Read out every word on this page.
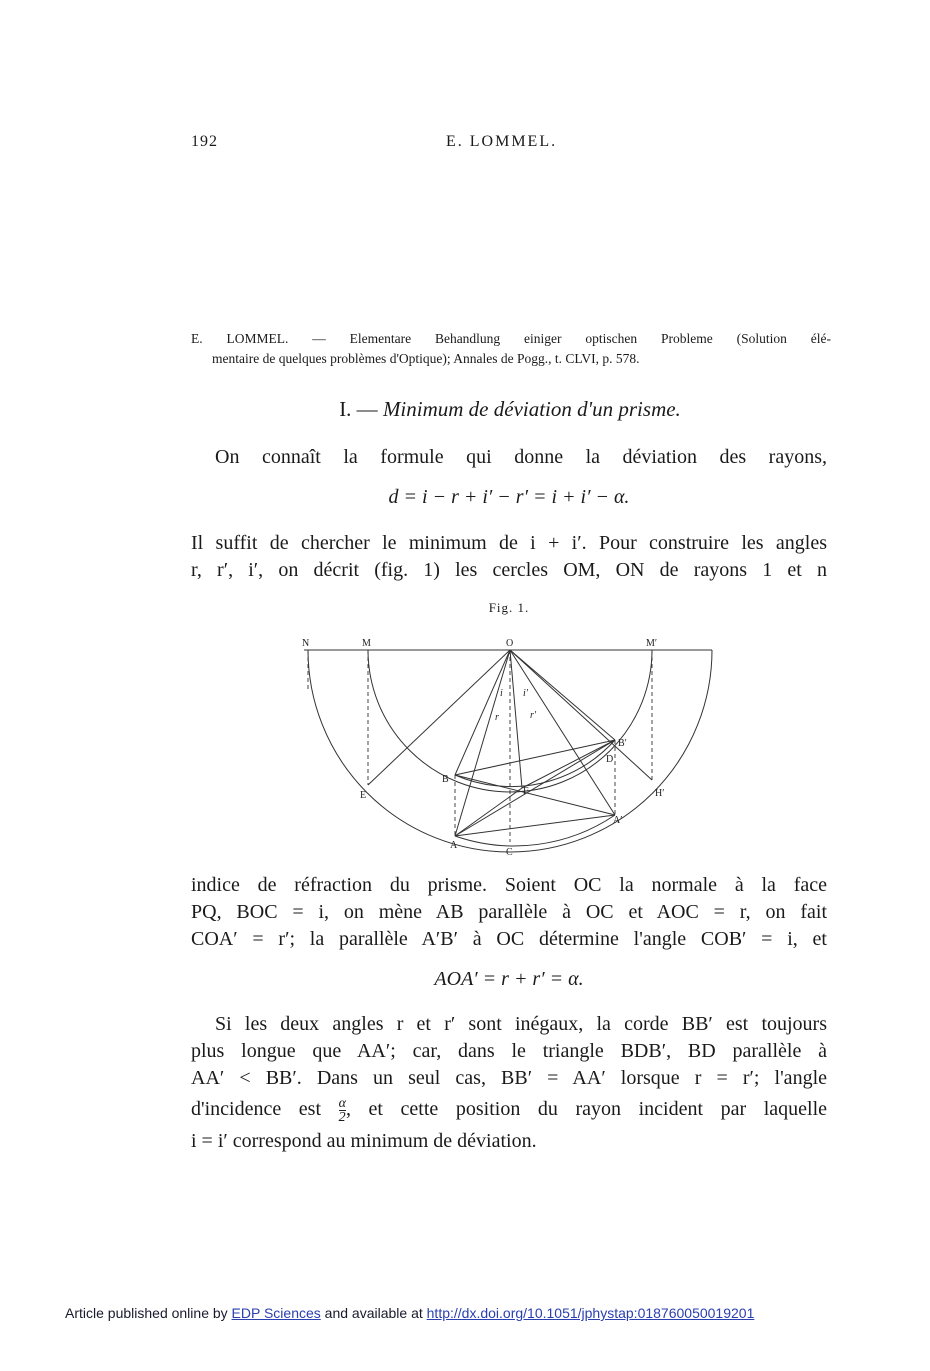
192	E. LOMMEL.
E. LOMMEL. — Elementare Behandlung einiger optischen Probleme (Solution élé-
mentaire de quelques problèmes d'Optique); Annales de Pogg., t. CLVI, p. 578.
I. — Minimum de déviation d'un prisme.
On connaît la formule qui donne la déviation des rayons,
d = i − r + i′ − r′ = i + i′ − α.
Il suffit de chercher le minimum de i + i′. Pour construire les angles
r, r′, i′, on décrit (fig. 1) les cercles OM, ON de rayons 1 et n
Fig. 1.
N	M	O	M′
E
B
B′
D
F	H′
A
A′
C
i i′
r	r′
indice de réfraction du prisme. Soient OC la normale à la face
PQ, BOC = i, on mène AB parallèle à OC et AOC = r, on fait
COA′ = r′; la parallèle A′B′ à OC détermine l'angle COB′ = i, et
AOA′ = r + r′ = α.
Si les deux angles r et r′ sont inégaux, la corde BB′ est toujours
plus longue que AA′; car, dans le triangle BDB′, BD parallèle à
AA′ < BB′. Dans un seul cas, BB′ = AA′ lorsque r = r′; l'angle
d'incidence est $\frac{\alpha}{2}$ , et cette position du rayon incident par laquelle
i = i′ correspond au minimum de déviation.
Article published online by EDP Sciences and available at http://dx.doi.org/10.1051/jphystap:018760050019201
